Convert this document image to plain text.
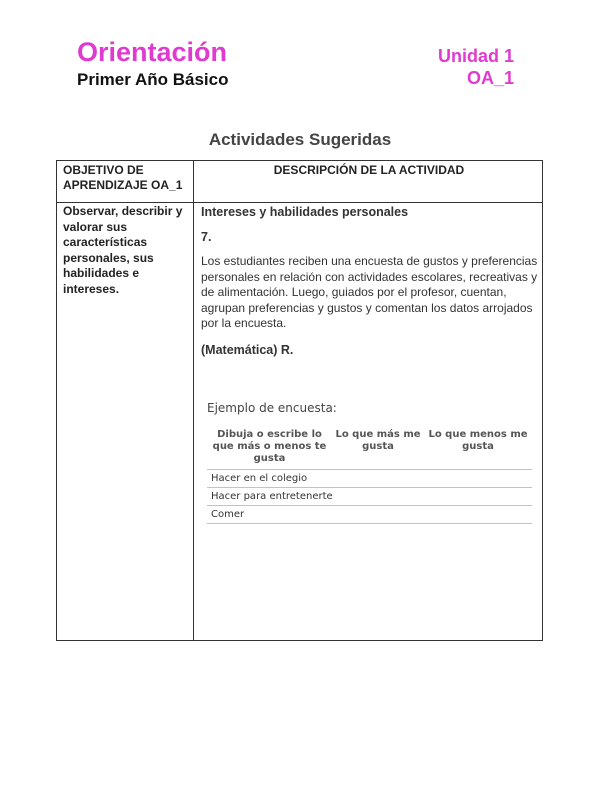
Orientación
Primer Año Básico
Unidad 1
OA_1
Actividades Sugeridas
OBJETIVO DE APRENDIZAJE OA_1
DESCRIPCIÓN DE LA ACTIVIDAD
Observar, describir y valorar sus características personales, sus habilidades e intereses.
Intereses y habilidades personales
7.
Los estudiantes reciben una encuesta de gustos y preferencias personales en relación con actividades escolares, recreativas y de alimentación. Luego, guiados por el profesor, cuentan, agrupan preferencias y gustos y comentan los datos arrojados por la encuesta.
(Matemática) R.
Ejemplo de encuesta:
Dibuja o escribe lo que más o menos te gusta
Lo que más me gusta
Lo que menos me gusta
Hacer en el colegio
Hacer para entretenerte
Comer
